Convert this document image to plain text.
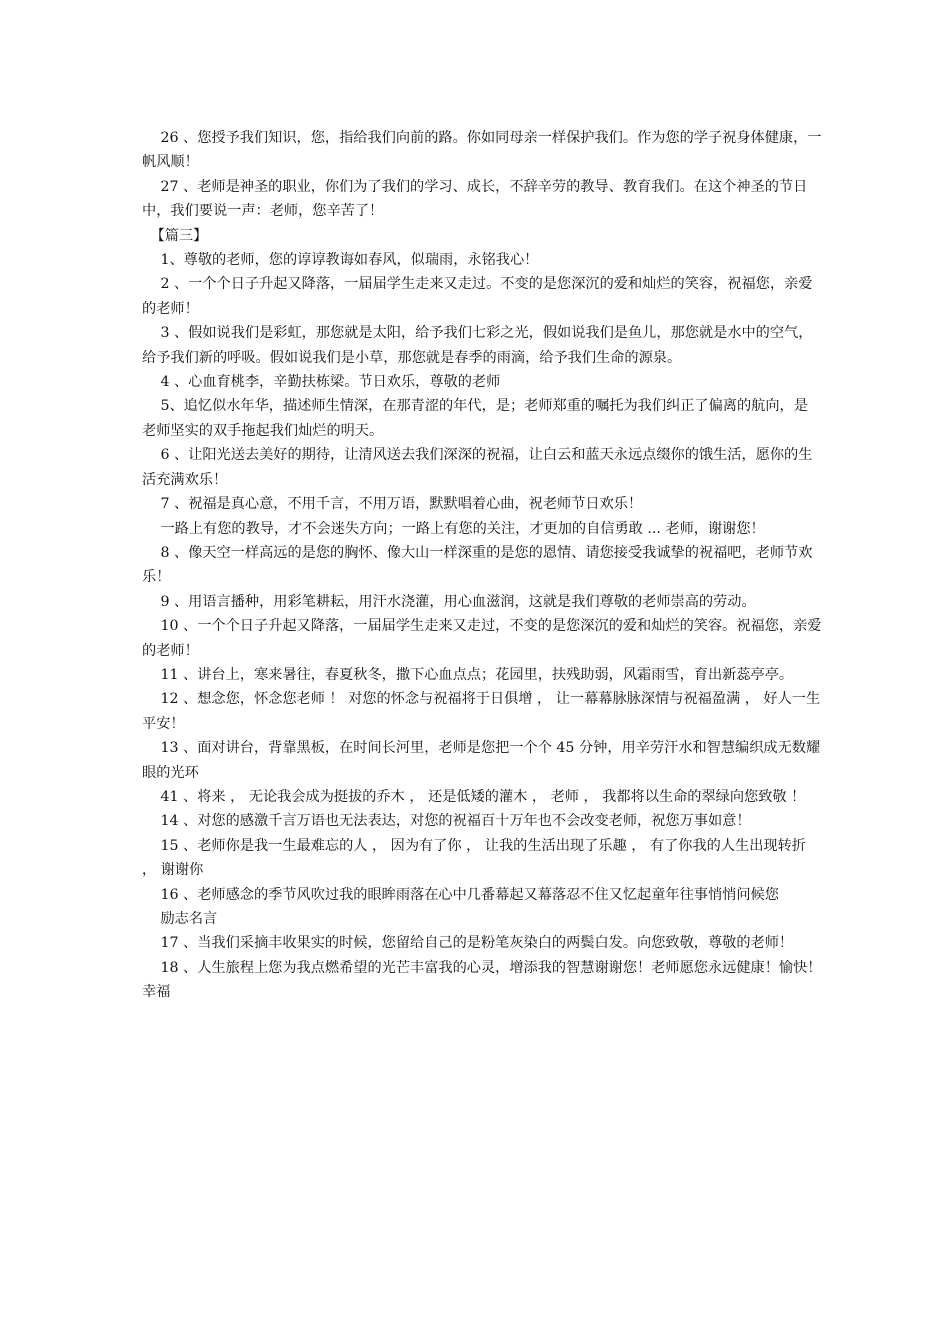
26 、您授予我们知识，您，指给我们向前的路。你如同母亲一样保护我们。作为您的学子祝身体健康，一帆风顺！

27 、老师是神圣的职业，你们为了我们的学习、成长，不辞辛劳的教导、教育我们。在这个神圣的节日中，我们要说一声：老师，您辛苦了！

【篇三】

1、尊敬的老师，您的谆谆教诲如春风，似瑞雨，永铭我心！

2 、一个个日子升起又降落，一届届学生走来又走过。不变的是您深沉的爱和灿烂的笑容，祝福您，亲爱的老师！

3 、假如说我们是彩虹，那您就是太阳，给予我们七彩之光，假如说我们是鱼儿，那您就是水中的空气，给予我们新的呼吸。假如说我们是小草，那您就是春季的雨滴，给予我们生命的源泉。

4 、心血育桃李，辛勤扶栋梁。节日欢乐，尊敬的老师

5、追忆似水年华，描述师生情深，在那青涩的年代，是；老师郑重的嘱托为我们纠正了偏离的航向，是老师坚实的双手拖起我们灿烂的明天。

6 、让阳光送去美好的期待，让清风送去我们深深的祝福，让白云和蓝天永远点缀你的饿生活，愿你的生活充满欢乐！

7 、祝福是真心意，不用千言，不用万语，默默唱着心曲，祝老师节日欢乐！

一路上有您的教导，才不会迷失方向；一路上有您的关注，才更加的自信勇敢 ... 老师，谢谢您！

8 、像天空一样高远的是您的胸怀、像大山一样深重的是您的恩情、请您接受我诚挚的祝福吧，老师节欢乐！

9 、用语言播种，用彩笔耕耘，用汗水浇灌，用心血滋润，这就是我们尊敬的老师崇高的劳动。

10 、一个个日子升起又降落，一届届学生走来又走过，不变的是您深沉的爱和灿烂的笑容。祝福您，亲爱的老师！

11 、讲台上，寒来暑往，春夏秋冬，撒下心血点点；花园里，扶残助弱，风霜雨雪，育出新蕊亭亭。

12 、想念您，怀念您老师 ！ 对您的怀念与祝福将于日俱增 ， 让一幕幕脉脉深情与祝福盈满 ， 好人一生平安！

13 、面对讲台，背靠黑板，在时间长河里，老师是您把一个个 45 分钟，用辛劳汗水和智慧编织成无数耀眼的光环

41 、将来 ， 无论我会成为挺拔的乔木 ， 还是低矮的灌木 ， 老师 ， 我都将以生命的翠绿向您致敬 ！

14 、对您的感激千言万语也无法表达，对您的祝福百十万年也不会改变老师，祝您万事如意！

15 、老师你是我一生最难忘的人 ， 因为有了你 ， 让我的生活出现了乐趣 ， 有了你我的人生出现转折 ， 谢谢你

16 、老师感念的季节风吹过我的眼眸雨落在心中几番幕起又幕落忍不住又忆起童年往事悄悄问候您

励志名言

17 、当我们采摘丰收果实的时候，您留给自己的是粉笔灰染白的两鬓白发。向您致敬，尊敬的老师！

18 、人生旅程上您为我点燃希望的光芒丰富我的心灵，增添我的智慧谢谢您！老师愿您永远健康！愉快！幸福
